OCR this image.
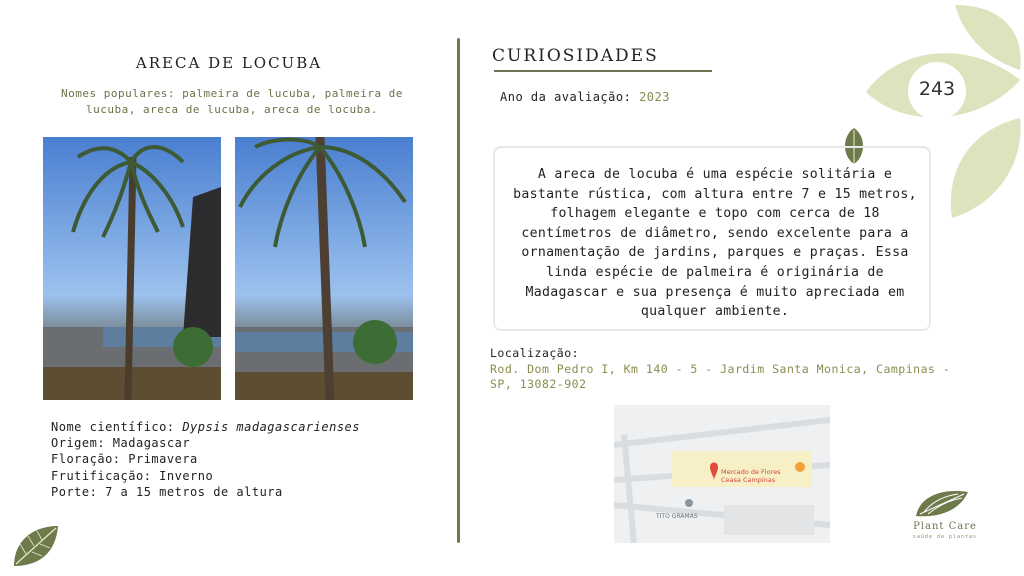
243
ARECA DE LOCUBA
Nomes populares: palmeira de lucuba, palmeira de lucuba, areca de lucuba, areca de locuba.
Nome científico: Dypsis madagascarienses
Origem: Madagascar
Floração: Primavera
Frutificação: Inverno
Porte: 7 a 15 metros de altura
CURIOSIDADES
Ano da avaliação: 2023
A areca de locuba é uma espécie solitária e bastante rústica, com altura entre 7 e 15 metros, folhagem elegante e topo com cerca de 18 centímetros de diâmetro, sendo excelente para a ornamentação de jardins, parques e praças. Essa linda espécie de palmeira é originária de Madagascar e sua presença é muito apreciada em qualquer ambiente.
Localização:
Rod. Dom Pedro I, Km 140 - 5 - Jardim Santa Monica, Campinas - SP, 13082-902
Mercado de Flores
Ceasa Campinas
TITO GRAMAS
Plant Care
saúde de plantas
